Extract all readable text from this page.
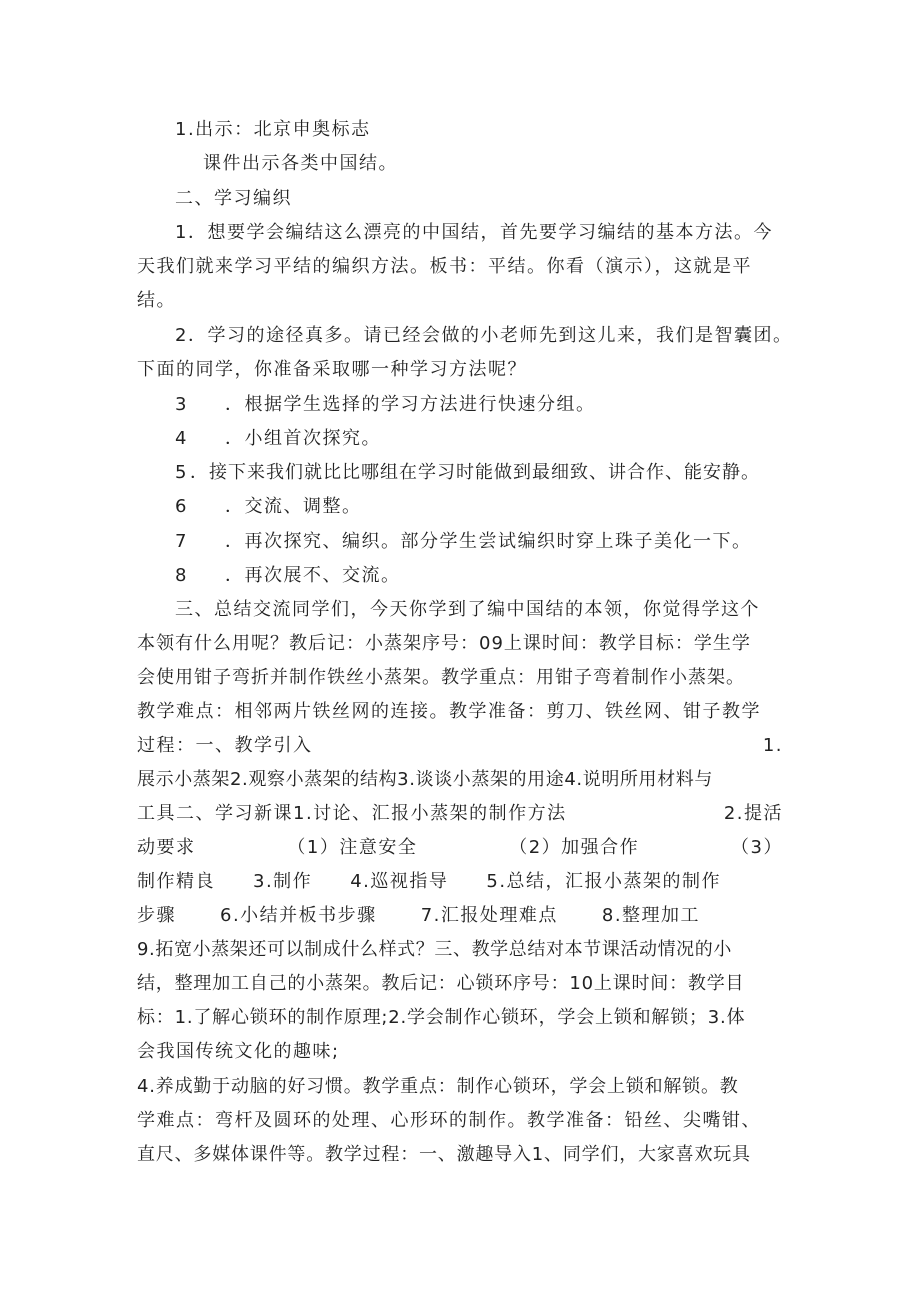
1.出示：北京申奥标志
课件出示各类中国结。
二、学习编织
1．想要学会编结这么漂亮的中国结，首先要学习编结的基本方法。今
天我们就来学习平结的编织方法。板书：平结。你看（演示），这就是平
结。
2．学习的途径真多。请已经会做的小老师先到这儿来，我们是智囊团。
下面的同学，你准备采取哪一种学习方法呢？
3 ．根据学生选择的学习方法进行快速分组。
4 ．小组首次探究。
5 ．接下来我们就比比哪组在学习时能做到最细致、讲合作、能安静。
6 ．交流、调整。
7 ．再次探究、编织。部分学生尝试编织时穿上珠子美化一下。
8 ．再次展不、交流。
三、总结交流同学们，今天你学到了编中国结的本领，你觉得学这个
本领有什么用呢？教后记：小蒸架序号：09上课时间：教学目标：学生学
会使用钳子弯折并制作铁丝小蒸架。教学重点：用钳子弯着制作小蒸架。
教学难点：相邻两片铁丝网的连接。教学准备：剪刀、铁丝网、钳子教学
过程：一、教学引入	1.
展示小蒸架2.观察小蒸架的结构3.谈谈小蒸架的用途4.说明所用材料与
工具二、学习新课1.讨论、汇报小蒸架的制作方法	2.提活
动要求	（1）注意安全	（2）加强合作	（3）
制作精良 3.制作 4.巡视指导 5.总结，汇报小蒸架的制作
步骤 6.小结并板书步骤 7.汇报处理难点 8.整理加工
9.拓宽小蒸架还可以制成什么样式？三、教学总结对本节课活动情况的小
结，整理加工自己的小蒸架。教后记：心锁环序号：10上课时间：教学目
标：1.了解心锁环的制作原理;2.学会制作心锁环，学会上锁和解锁；3.体
会我国传统文化的趣味;
4.养成勤于动脑的好习惯。教学重点：制作心锁环，学会上锁和解锁。教
学难点：弯杆及圆环的处理、心形环的制作。教学准备：铅丝、尖嘴钳、
直尺、多媒体课件等。教学过程：一、激趣导入1、同学们，大家喜欢玩具
